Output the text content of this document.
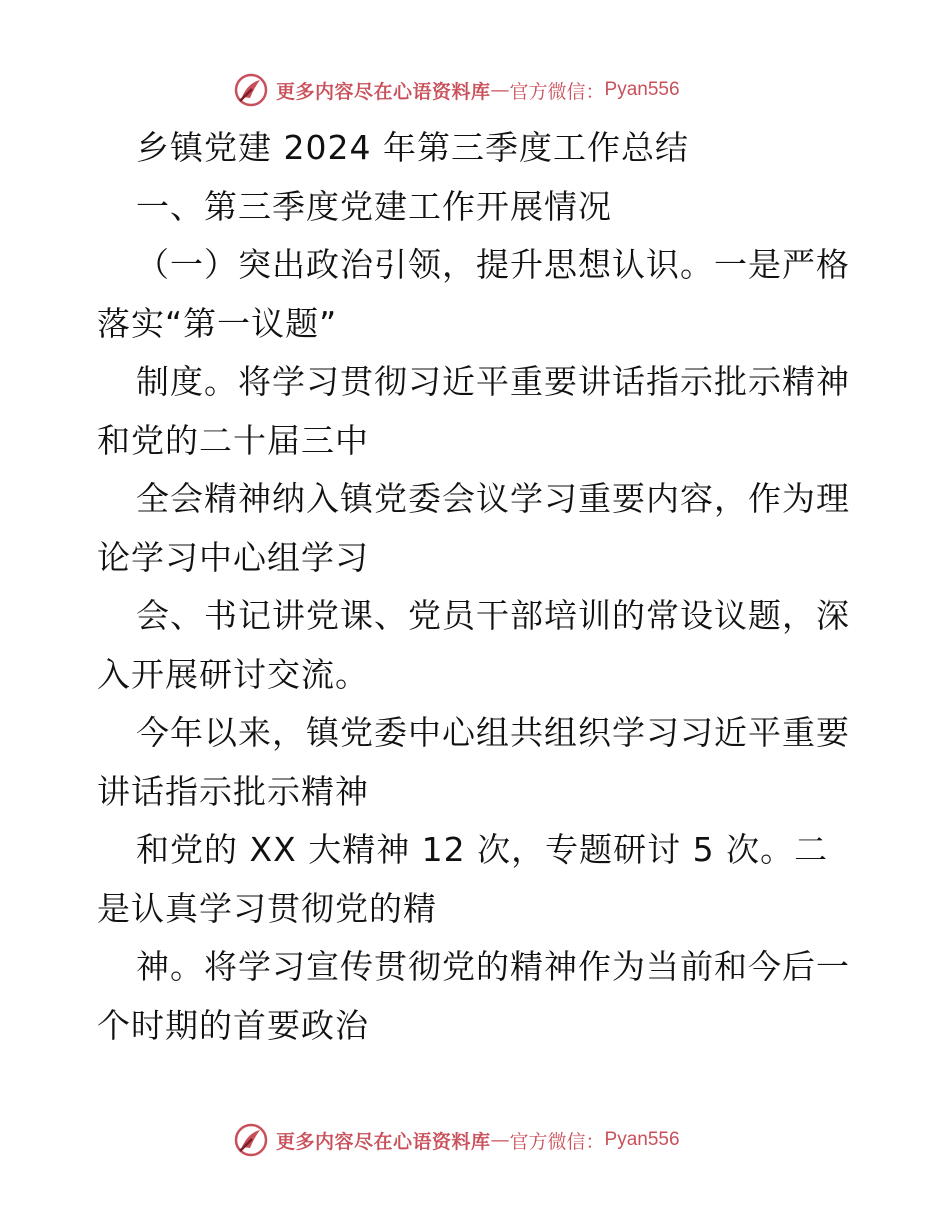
更多内容尽在心语资料库 — 官方微信： Pyan556
乡镇党建 2024 年第三季度工作总结
一、第三季度党建工作开展情况
（一）突出政治引领，提升思想认识。一是严格
落实“第一议题”
制度。将学习贯彻习近平重要讲话指示批示精神
和党的二十届三中
全会精神纳入镇党委会议学习重要内容，作为理
论学习中心组学习
会、书记讲党课、党员干部培训的常设议题，深
入开展研讨交流。
今年以来，镇党委中心组共组织学习习近平重要
讲话指示批示精神
和党的 XX 大精神 12 次，专题研讨 5 次。二
是认真学习贯彻党的精
神。将学习宣传贯彻党的精神作为当前和今后一
个时期的首要政治
更多内容尽在心语资料库 — 官方微信： Pyan556
